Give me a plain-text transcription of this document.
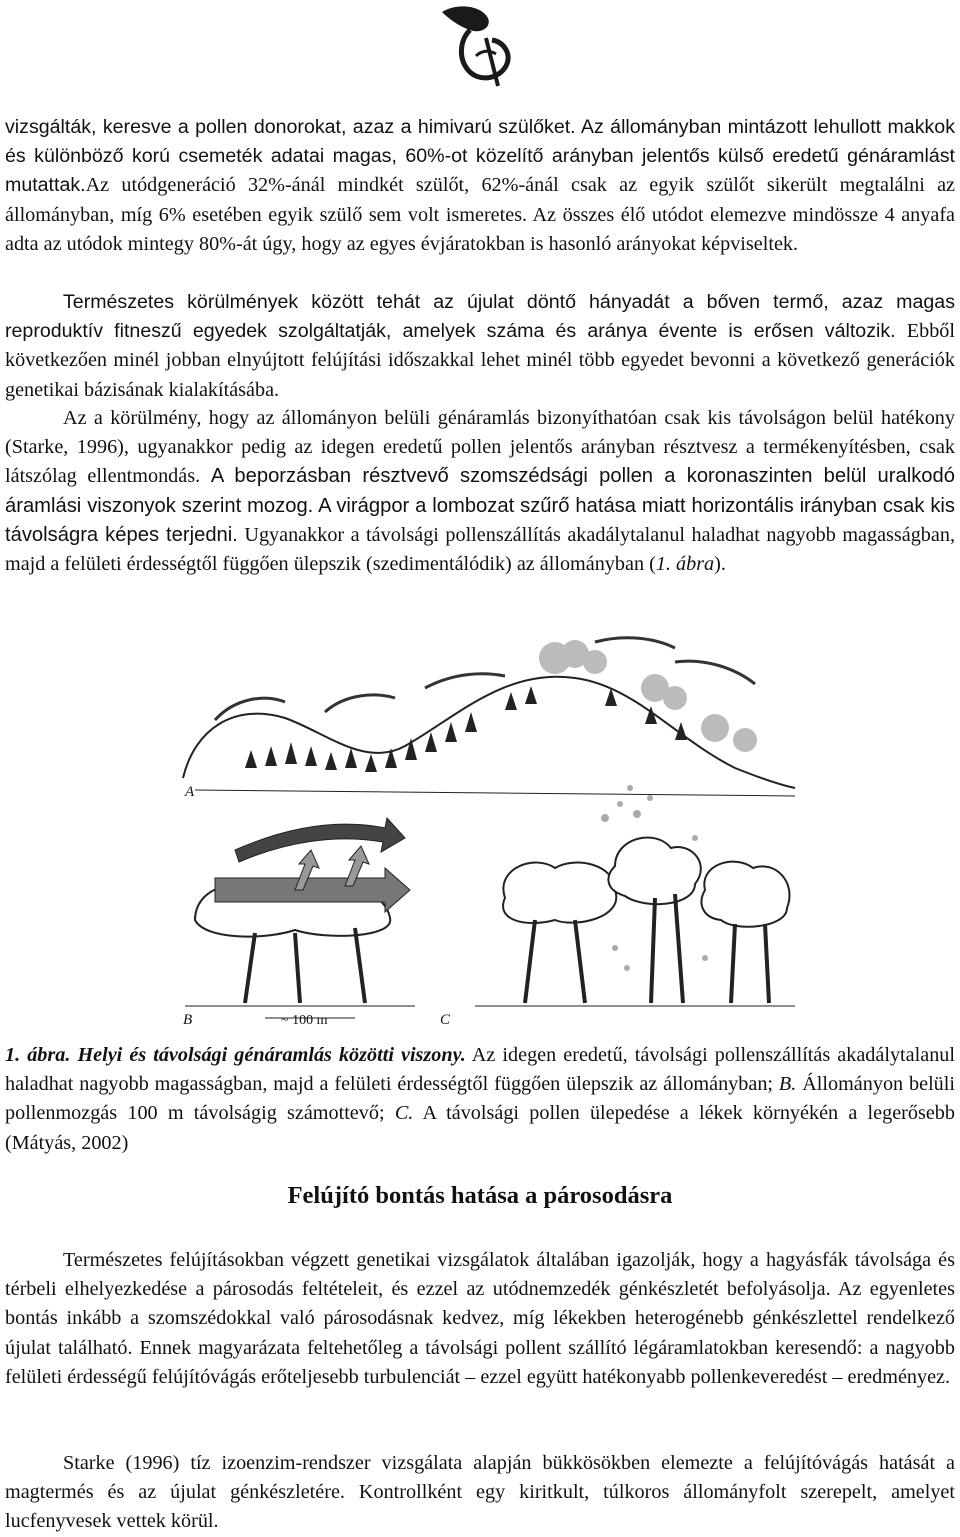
vizsgálták, keresve a pollen donorokat, azaz a himivarú szülőket. Az állományban mintázott lehullott makkok és különböző korú csemeték adatai magas, 60%-ot közelítő arányban jelentős külső eredetű génáramlást mutattak.Az utódgeneráció 32%-ánál mindkét szülőt, 62%-ánál csak az egyik szülőt sikerült megtalálni az állományban, míg 6% esetében egyik szülő sem volt ismeretes. Az összes élő utódot elemezve mindössze 4 anyafa adta az utódok mintegy 80%-át úgy, hogy az egyes évjáratokban is hasonló arányokat képviseltek.

Természetes körülmények között tehát az újulat döntő hányadát a bőven termő, azaz magas reproduktív fitneszű egyedek szolgáltatják, amelyek száma és aránya évente is erősen változik. Ebből következően minél jobban elnyújtott felújítási időszakkal lehet minél több egyedet bevonni a következő generációk genetikai bázisának kialakításába.

Az a körülmény, hogy az állományon belüli génáramlás bizonyíthatóan csak kis távolságon belül hatékony (Starke, 1996), ugyanakkor pedig az idegen eredetű pollen jelentős arányban résztvesz a termékenyítésben, csak látszólag ellentmondás. A beporzásban résztvevő szomszédsági pollen a koronaszinten belül uralkodó áramlási viszonyok szerint mozog. A virágpor a lombozat szűrő hatása miatt horizontális irányban csak kis távolságra képes terjedni. Ugyanakkor a távolsági pollenszállítás akadálytalanul haladhat nagyobb magasságban, majd a felületi érdességtől függően ülepszik (szedimentálódik) az állományban (1. ábra).

A
~ 100 m
B	C

1. ábra. Helyi és távolsági génáramlás közötti viszony. Az idegen eredetű, távolsági pollenszállítás akadálytalanul haladhat nagyobb magasságban, majd a felületi érdességtől függően ülepszik az állományban; B. Állományon belüli pollenmozgás 100 m távolságig számottevő; C. A távolsági pollen ülepedése a lékek környékén a legerősebb (Mátyás, 2002)

Felújító bontás hatása a párosodásra

Természetes felújításokban végzett genetikai vizsgálatok általában igazolják, hogy a hagyásfák távolsága és térbeli elhelyezkedése a párosodás feltételeit, és ezzel az utódnemzedék génkészletét befolyásolja. Az egyenletes bontás inkább a szomszédokkal való párosodásnak kedvez, míg lékekben heterogénebb génkészlettel rendelkező újulat található. Ennek magyarázata feltehetőleg a távolsági pollent szállító légáramlatokban keresendő: a nagyobb felületi érdességű felújítóvágás erőteljesebb turbulenciát – ezzel együtt hatékonyabb pollenkeveredést – eredményez.

Starke (1996) tíz izoenzim-rendszer vizsgálata alapján bükkösökben elemezte a felújítóvágás hatását a magtermés és az újulat génkészletére. Kontrollként egy kiritkult, túlkoros állományfolt szerepelt, amelyet lucfenyvesek vettek körül.
